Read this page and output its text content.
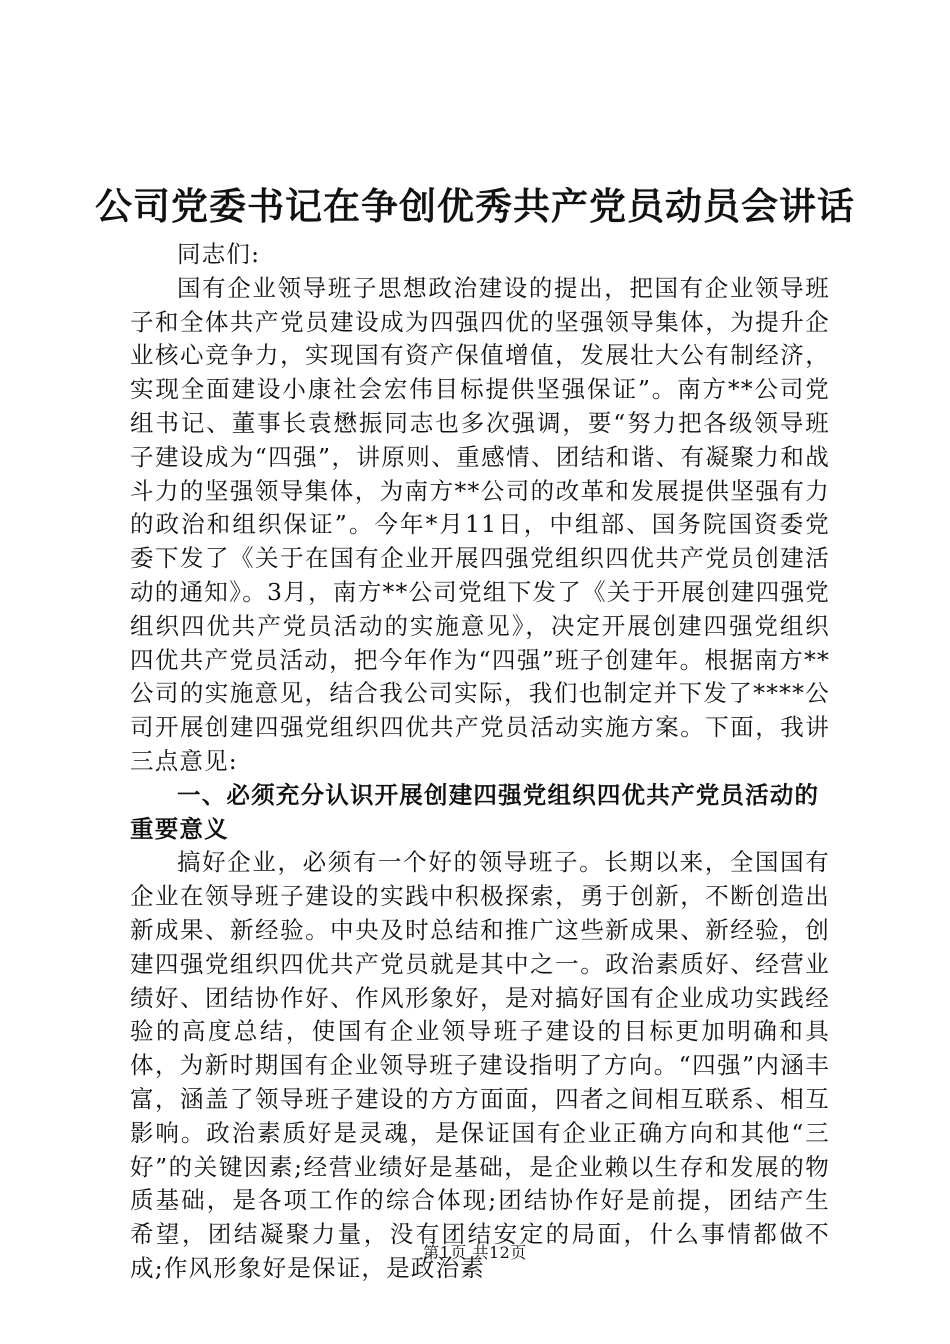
公司党委书记在争创优秀共产党员动员会讲话

同志们:

国有企业领导班子思想政治建设的提出，把国有企业领导班子和全体共产党员建设成为四强四优的坚强领导集体，为提升企业核心竞争力，实现国有资产保值增值，发展壮大公有制经济，实现全面建设小康社会宏伟目标提供坚强保证”。南方**公司党组书记、董事长袁懋振同志也多次强调，要“努力把各级领导班子建设成为“四强”，讲原则、重感情、团结和谐、有凝聚力和战斗力的坚强领导集体，为南方**公司的改革和发展提供坚强有力的政治和组织保证”。今年*月11日，中组部、国务院国资委党委下发了《关于在国有企业开展四强党组织四优共产党员创建活动的通知》。3月，南方**公司党组下发了《关于开展创建四强党组织四优共产党员活动的实施意见》，决定开展创建四强党组织四优共产党员活动，把今年作为“四强”班子创建年。根据南方**公司的实施意见，结合我公司实际，我们也制定并下发了****公司开展创建四强党组织四优共产党员活动实施方案。下面，我讲三点意见:

一、必须充分认识开展创建四强党组织四优共产党员活动的重要意义

搞好企业，必须有一个好的领导班子。长期以来，全国国有企业在领导班子建设的实践中积极探索，勇于创新，不断创造出新成果、新经验。中央及时总结和推广这些新成果、新经验，创建四强党组织四优共产党员就是其中之一。政治素质好、经营业绩好、团结协作好、作风形象好，是对搞好国有企业成功实践经验的高度总结，使国有企业领导班子建设的目标更加明确和具体，为新时期国有企业领导班子建设指明了方向。“四强”内涵丰富，涵盖了领导班子建设的方方面面，四者之间相互联系、相互影响。政治素质好是灵魂，是保证国有企业正确方向和其他“三好”的关键因素;经营业绩好是基础，是企业赖以生存和发展的物质基础，是各项工作的综合体现;团结协作好是前提，团结产生希望，团结凝聚力量，没有团结安定的局面，什么事情都做不成;作风形象好是保证，是政治素

第1页 共12页
